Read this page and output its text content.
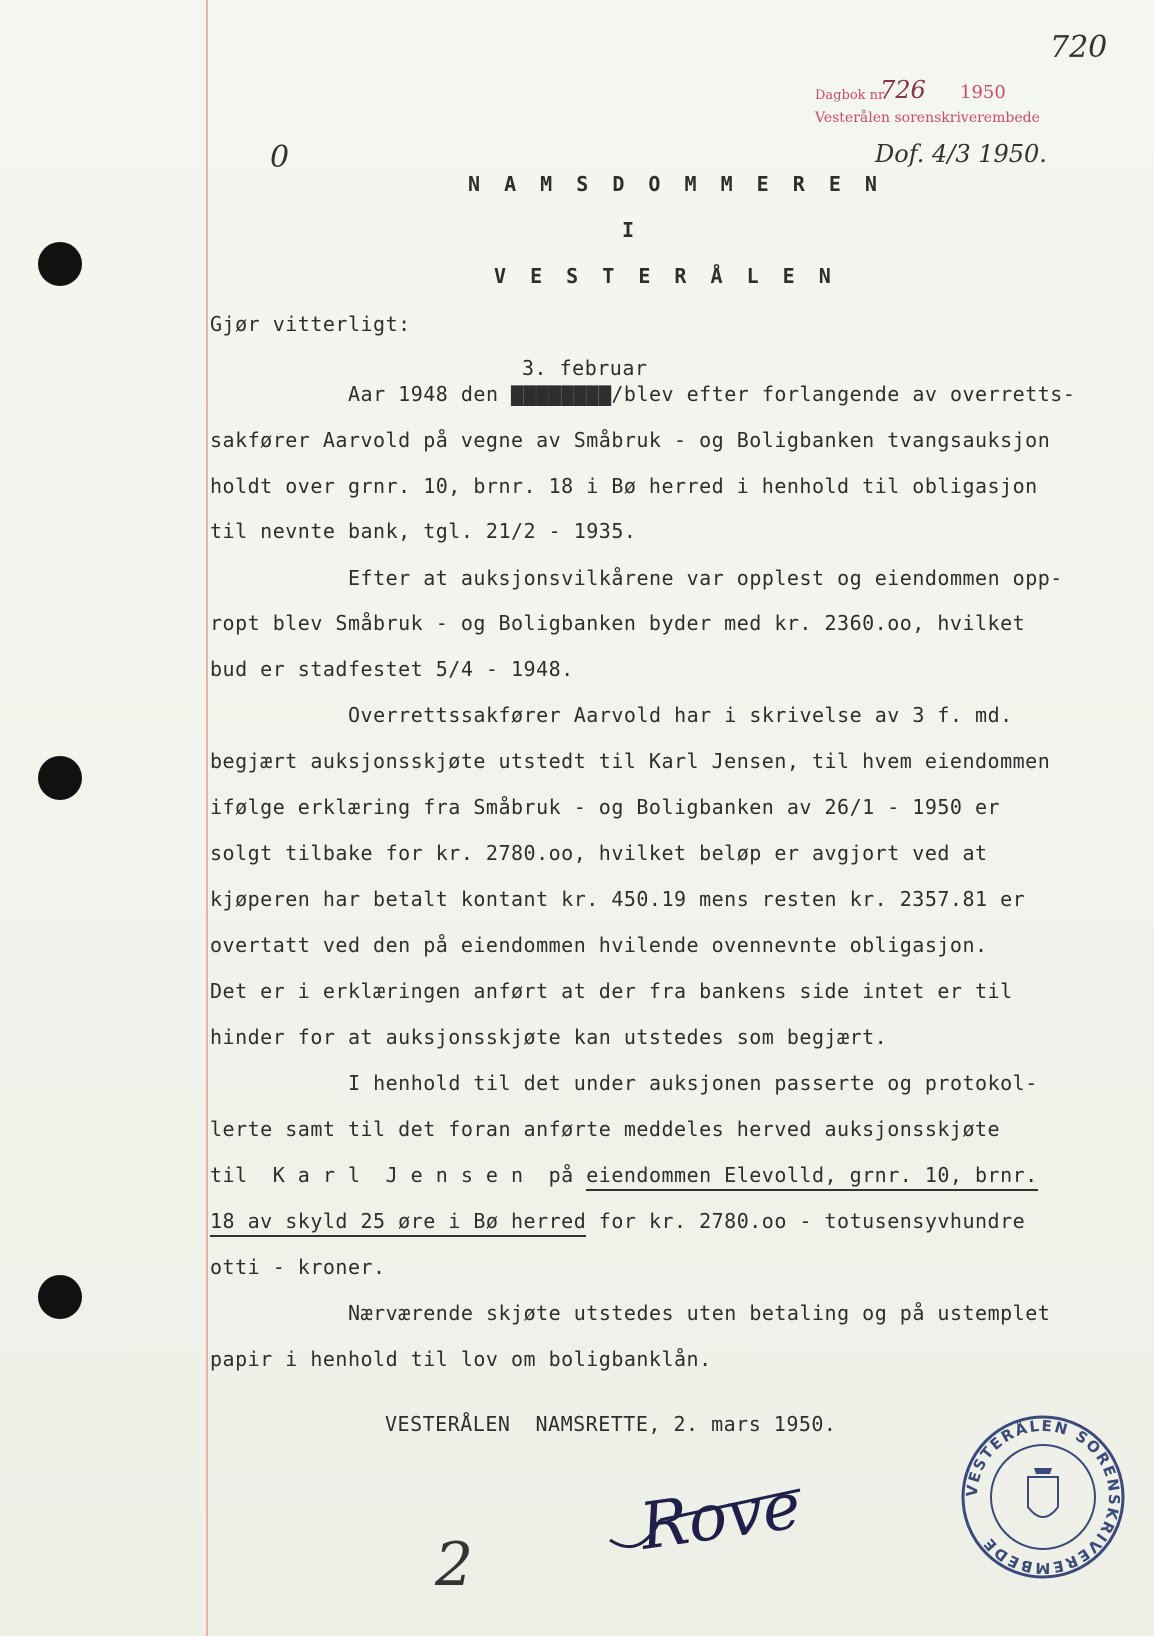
720
Dagbok nr.
726 1950
Vesterålen sorenskriverembede
Dof. 4/3 1950.
0
N A M S D O M M E R E N
I
V E S T E R Å L E N
Gjør vitterligt:
3. februar
Aar 1948 den ▇▇▇▇▇▇▇▇/blev efter forlangende av overretts-
sakfører Aarvold på vegne av Småbruk - og Boligbanken tvangsauksjon
holdt over grnr. 10, brnr. 18 i Bø herred i henhold til obligasjon
til nevnte bank, tgl. 21/2 - 1935.
Efter at auksjonsvilkårene var opplest og eiendommen opp-
ropt blev Småbruk - og Boligbanken byder med kr. 2360.oo, hvilket
bud er stadfestet 5/4 - 1948.
Overrettssakfører Aarvold har i skrivelse av 3 f. md.
begjært auksjonsskjøte utstedt til Karl Jensen, til hvem eiendommen
ifølge erklæring fra Småbruk - og Boligbanken av 26/1 - 1950 er
solgt tilbake for kr. 2780.oo, hvilket beløp er avgjort ved at
kjøperen har betalt kontant kr. 450.19 mens resten kr. 2357.81 er
overtatt ved den på eiendommen hvilende ovennevnte obligasjon.
Det er i erklæringen anført at der fra bankens side intet er til
hinder for at auksjonsskjøte kan utstedes som begjært.
I henhold til det under auksjonen passerte og protokol-
lerte samt til det foran anførte meddeles herved auksjonsskjøte
til  K a r l  J e n s e n  på eiendommen Elevolld, grnr. 10, brnr.
18 av skyld 25 øre i Bø herred for kr. 2780.oo - totusensyvhundre
otti - kroner.
Nærværende skjøte utstedes uten betaling og på ustemplet
papir i henhold til lov om boligbanklån.
VESTERÅLEN  NAMSRETTE, 2. mars 1950.
Rove
2
VESTERÅLEN SORENSKRIVEREMBEDE
